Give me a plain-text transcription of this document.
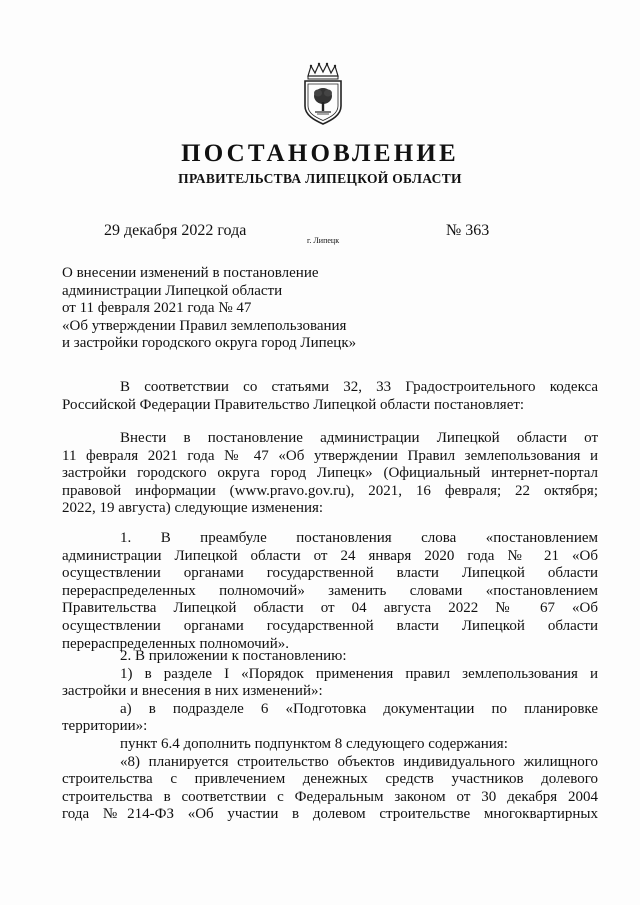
ПОСТАНОВЛЕНИЕ
ПРАВИТЕЛЬСТВА ЛИПЕЦКОЙ ОБЛАСТИ
29 декабря 2022 года
г. Липецк
№ 363
О внесении изменений в постановление
администрации Липецкой области
от 11 февраля 2021 года № 47
«Об утверждении Правил землепользования
и застройки городского округа город Липецк»
В соответствии со статьями 32, 33 Градостроительного кодекса
Российской Федерации Правительство Липецкой области постановляет:
Внести в постановление администрации Липецкой области от
11 февраля 2021 года № 47 «Об утверждении Правил землепользования и
застройки городского округа город Липецк» (Официальный интернет-портал
правовой информации (www.pravo.gov.ru), 2021, 16 февраля; 22 октября;
2022, 19 августа) следующие изменения:
1. В преамбуле постановления слова «постановлением
администрации Липецкой области от 24 января 2020 года № 21 «Об
осуществлении органами государственной власти Липецкой области
перераспределенных полномочий» заменить словами «постановлением
Правительства Липецкой области от 04 августа 2022 № 67 «Об
осуществлении органами государственной власти Липецкой области
перераспределенных полномочий».
2. В приложении к постановлению:
1) в разделе I «Порядок применения правил землепользования и
застройки и внесения в них изменений»:
а) в подразделе 6 «Подготовка документации по планировке
территории»:
пункт 6.4 дополнить подпунктом 8 следующего содержания:
«8) планируется строительство объектов индивидуального жилищного
строительства с привлечением денежных средств участников долевого
строительства в соответствии с Федеральным законом от 30 декабря 2004
года №214-ФЗ «Об участии в долевом строительстве многоквартирных
